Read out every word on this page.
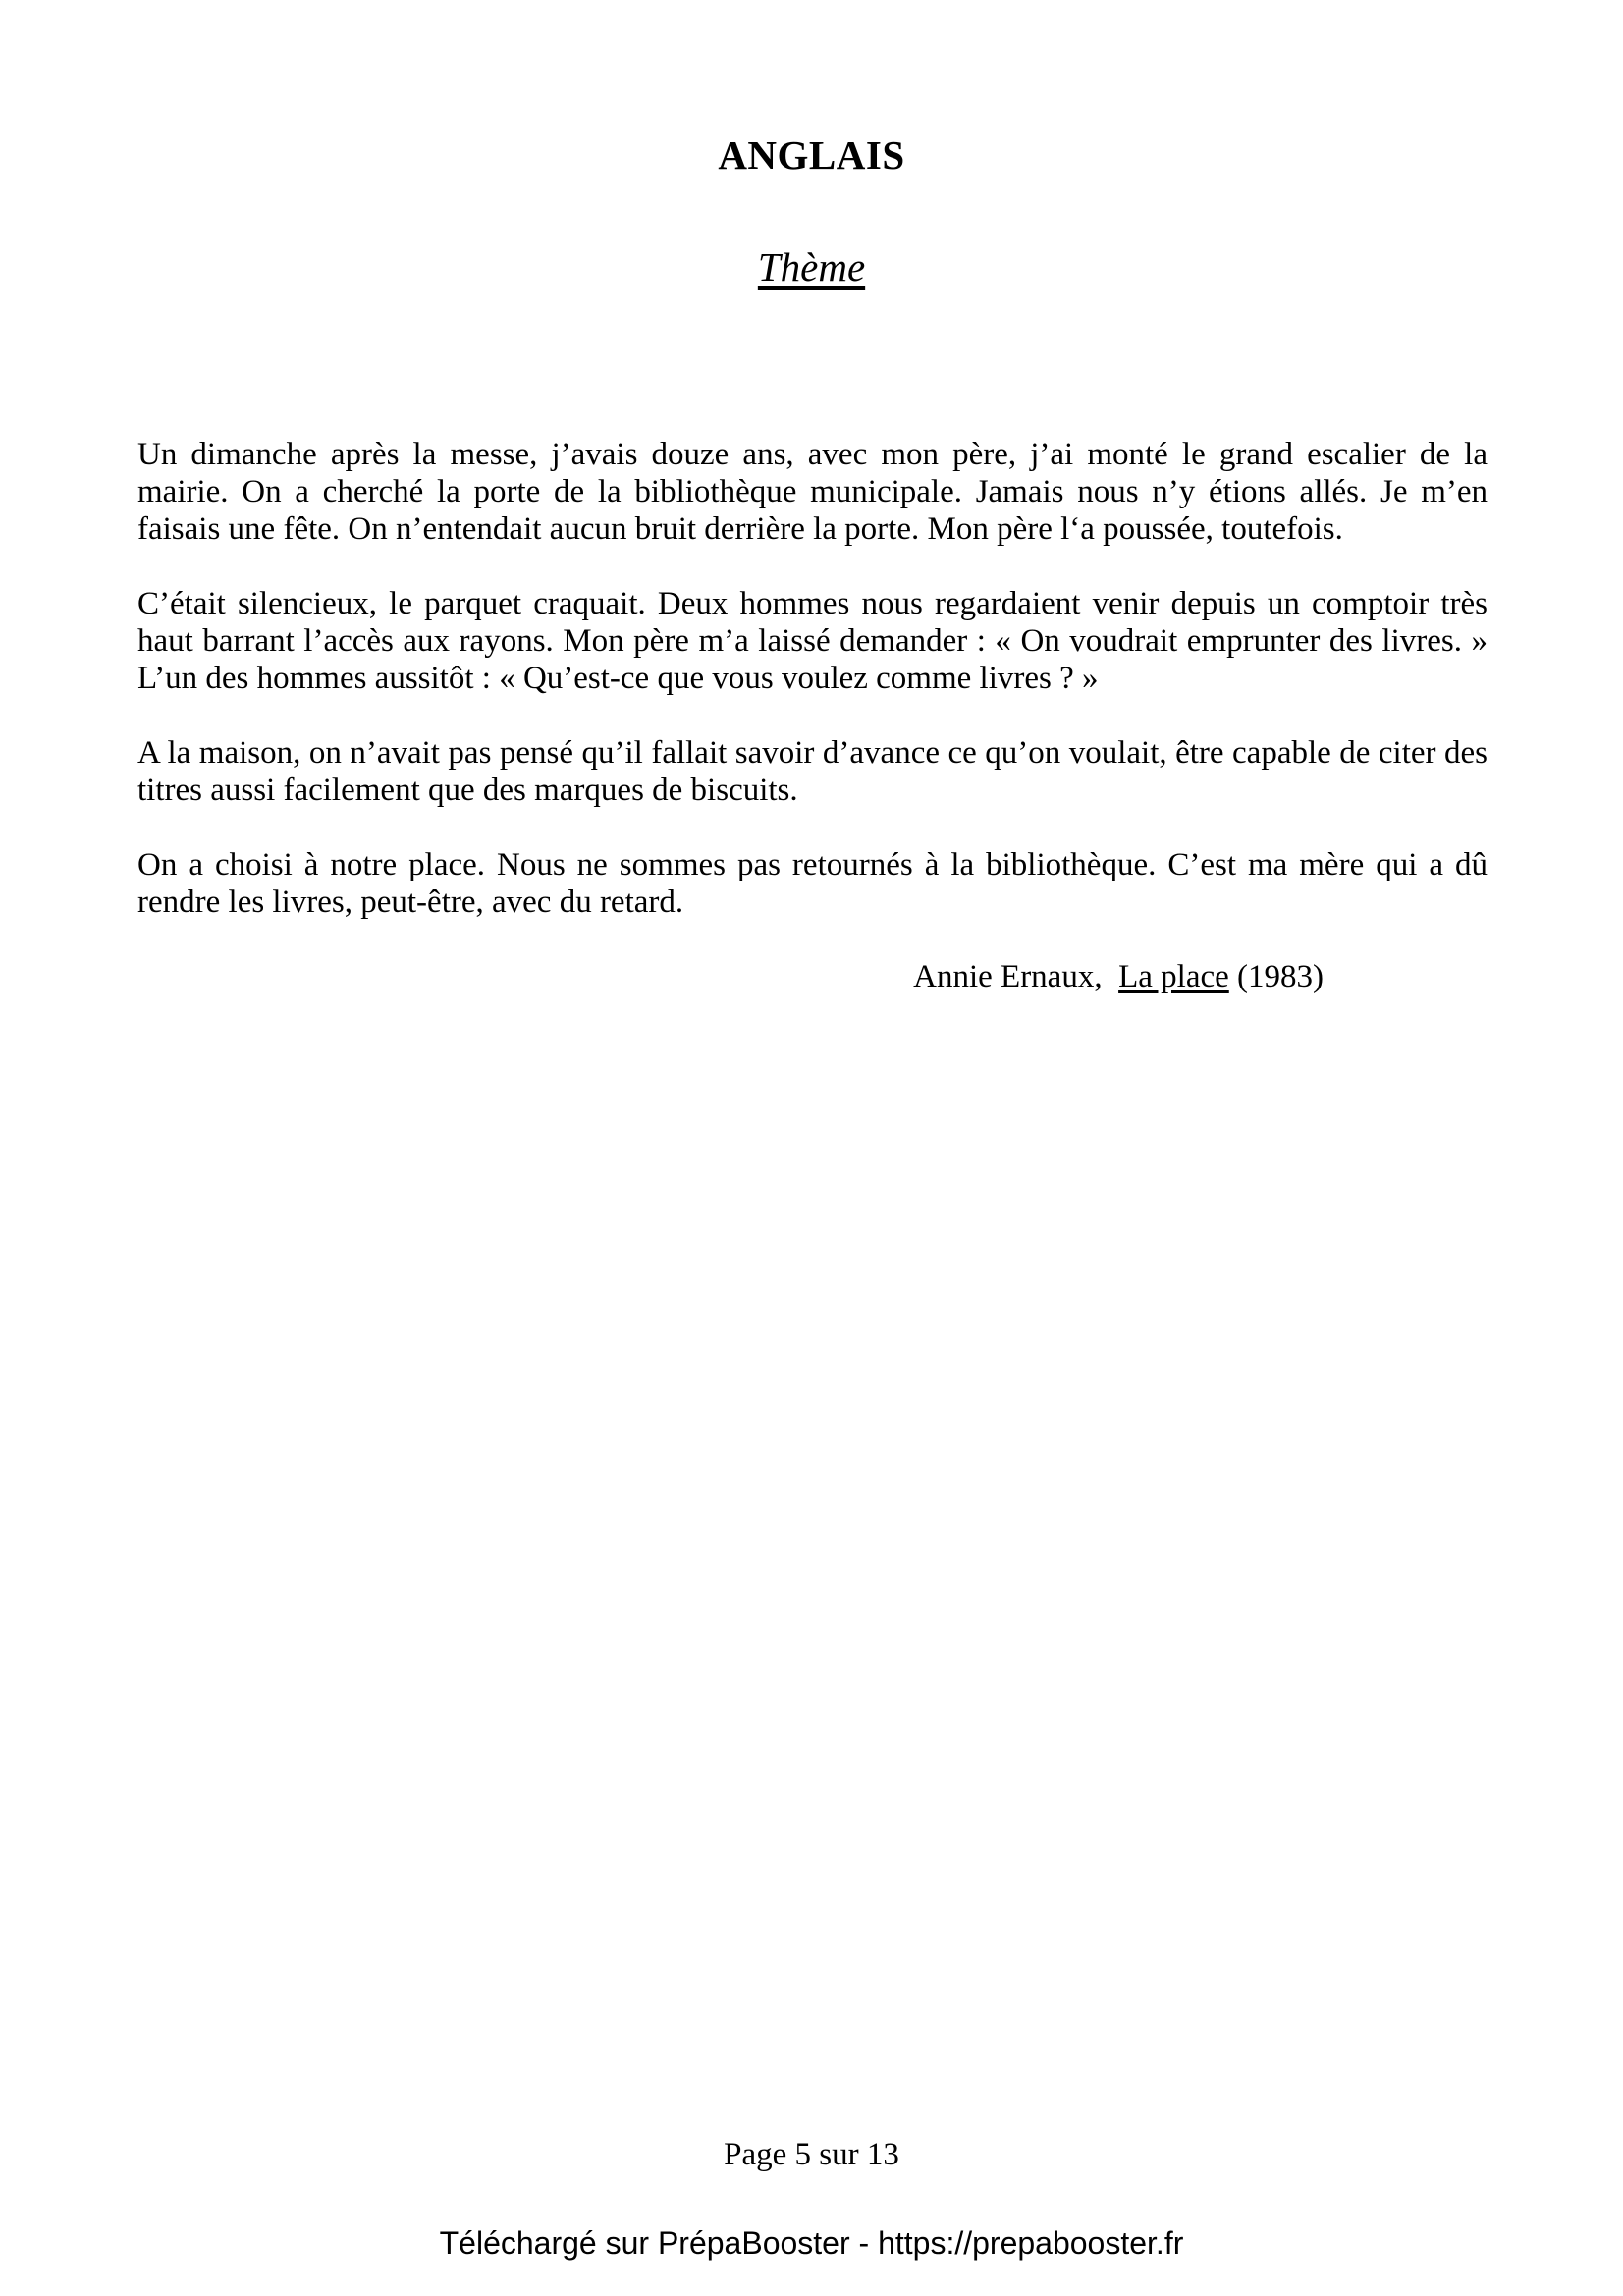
ANGLAIS
Thème

Un dimanche après la messe, j’avais douze ans, avec mon père, j’ai monté le grand escalier de la mairie. On a cherché la porte de la bibliothèque municipale. Jamais nous n’y étions allés. Je m’en faisais une fête. On n’entendait aucun bruit derrière la porte. Mon père l‘a poussée, toutefois.

C’était silencieux, le parquet craquait. Deux hommes nous regardaient venir depuis un comptoir très haut barrant l’accès aux rayons. Mon père m’a laissé demander : « On voudrait emprunter des livres. » L’un des hommes aussitôt : « Qu’est-ce que vous voulez comme livres ? »

A la maison, on n’avait pas pensé qu’il fallait savoir d’avance ce qu’on voulait, être capable de citer des titres aussi facilement que des marques de biscuits.

On a choisi à notre place. Nous ne sommes pas retournés à la bibliothèque. C’est ma mère qui a dû rendre les livres, peut-être, avec du retard.

Annie Ernaux,  La place (1983)
Page 5 sur 13
Téléchargé sur PrépaBooster - https://prepabooster.fr
